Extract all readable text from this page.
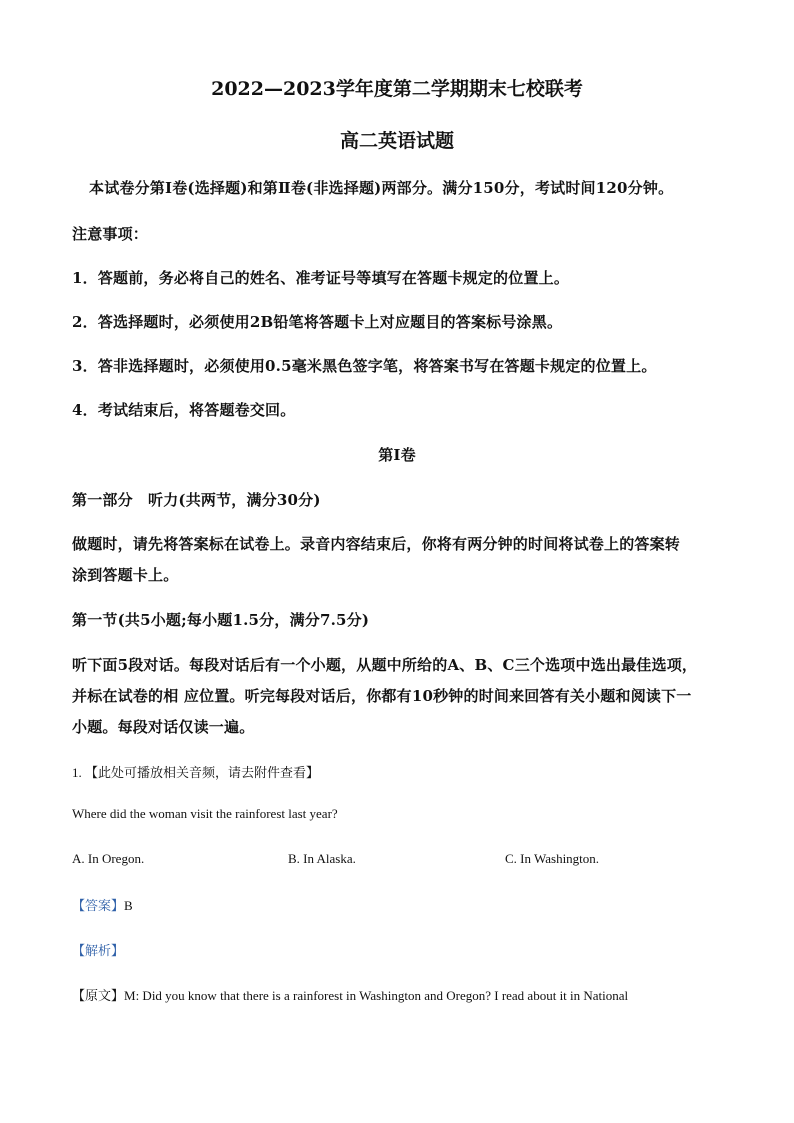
2022—2023学年度第二学期期末七校联考
高二英语试题
本试卷分第Ⅰ卷(选择题)和第Ⅱ卷(非选择题)两部分。满分150分，考试时间120分钟。
注意事项：
1．答题前，务必将自己的姓名、准考证号等填写在答题卡规定的位置上。
2．答选择题时，必须使用2B铅笔将答题卡上对应题目的答案标号涂黑。
3．答非选择题时，必须使用0.5毫米黑色签字笔，将答案书写在答题卡规定的位置上。
4．考试结束后，将答题卷交回。
第Ⅰ卷
第一部分　听力(共两节，满分30分)
做题时，请先将答案标在试卷上。录音内容结束后，你将有两分钟的时间将试卷上的答案转
涂到答题卡上。
第一节(共5小题;每小题1.5分，满分7.5分)
听下面5段对话。每段对话后有一个小题，从题中所给的A、B、C三个选项中选出最佳选项，
并标在试卷的相 应位置。听完每段对话后，你都有10秒钟的时间来回答有关小题和阅读下一
小题。每段对话仅读一遍。
1. 【此处可播放相关音频，请去附件查看】
Where did the woman visit the rainforest last year?
A. In Oregon.	B. In Alaska.	C. In Washington.
【答案】B
【解析】
【原文】M: Did you know that there is a rainforest in Washington and Oregon? I read about it in National
